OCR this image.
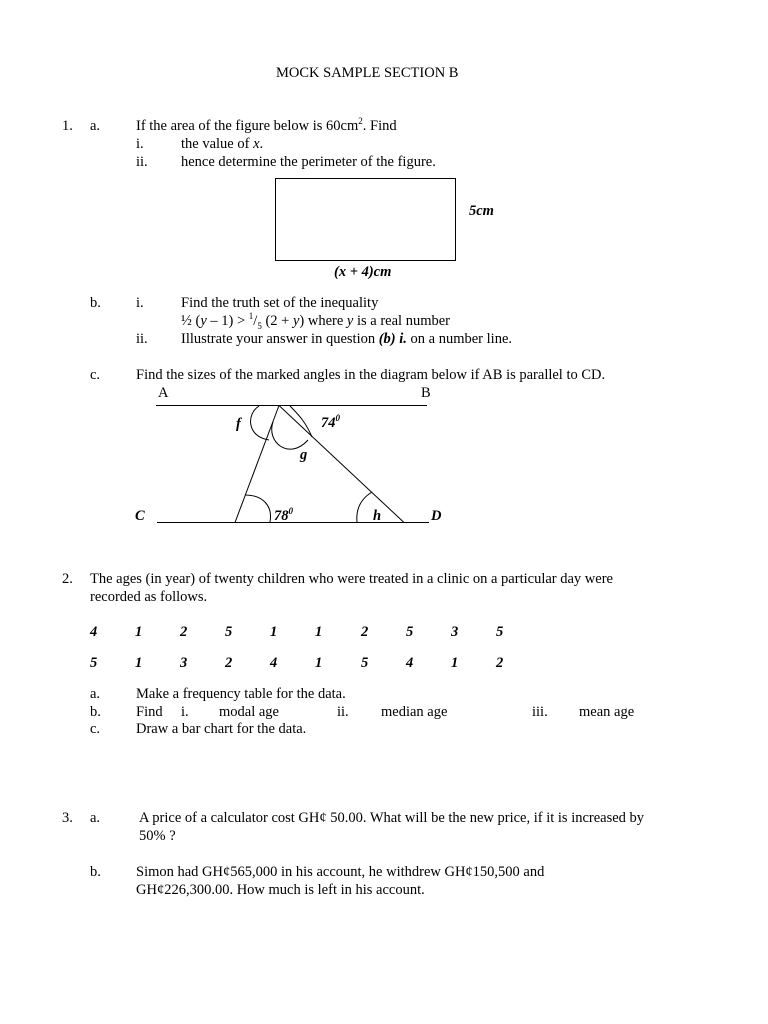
MOCK SAMPLE SECTION B
1. a. If the area of the figure below is $60cm^2$. Find
i.	the value of x.
ii. hence determine the perimeter of the figure.
5cm
(x + 4)cm
b. i.	Find the truth set of the inequality
½ $(y - 1) > ^1/_5$ (2 + y) where y is a real number
ii. Illustrate your answer in question (b) i. on a number line.
c. Find the sizes of the marked angles in the diagram below if AB is parallel to CD.
A	B
C	D
f
g
h
$74^0$
$78^0$
2. The ages (in year) of twenty children who were treated in a clinic on a particular day were
recorded as follows.
4	1	2	5	1	1	2	5	3	5
5	1	3	2	4	1	5	4	1	2
a. Make a frequency table for the data.
b. Find i. modal age	ii. median age	iii. mean age
c. Draw a bar chart for the data.
3. a.	A price of a calculator cost GH¢ 50.00. What will be the new price, if it is increased by
50% ?
b. Simon had GH¢565,000 in his account, he withdrew GH¢150,500 and
GH¢226,300.00. How much is left in his account.
